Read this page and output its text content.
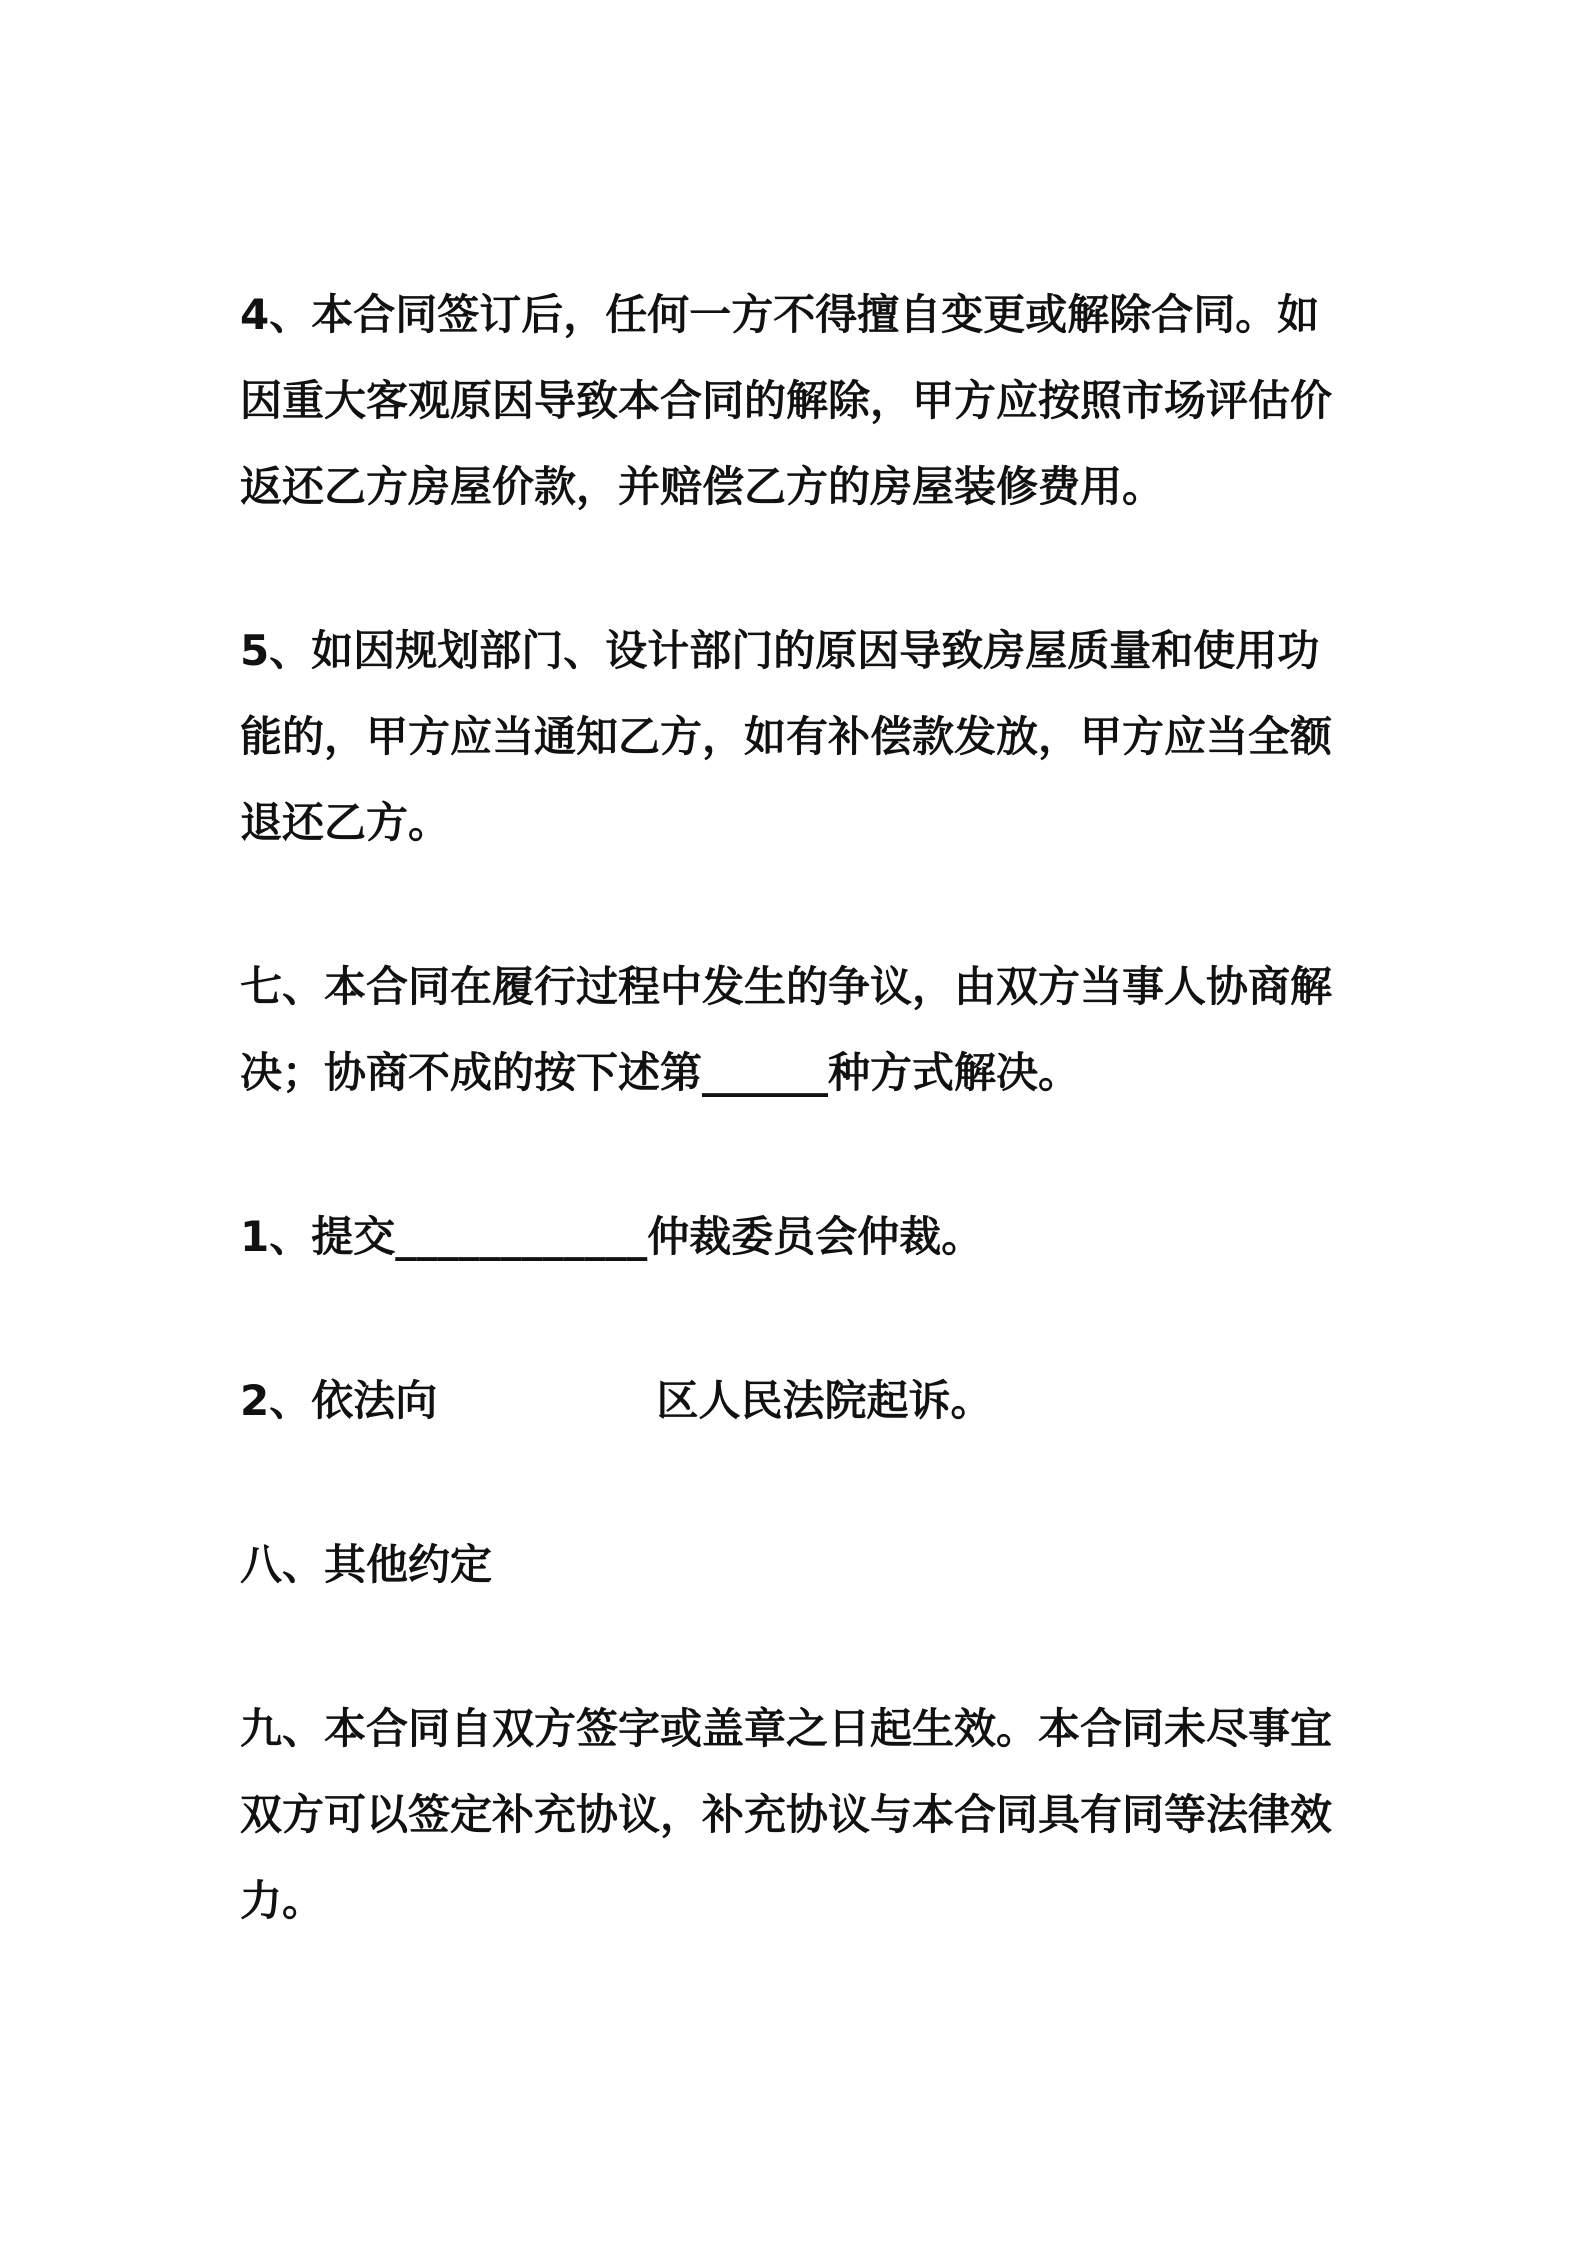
4、本合同签订后，任何一方不得擅自变更或解除合同。如因重大客观原因导致本合同的解除，甲方应按照市场评估价返还乙方房屋价款，并赔偿乙方的房屋装修费用。

5、如因规划部门、设计部门的原因导致房屋质量和使用功能的，甲方应当通知乙方，如有补偿款发放，甲方应当全额退还乙方。

七、本合同在履行过程中发生的争议，由双方当事人协商解决；协商不成的按下述第______种方式解决。

1、提交____________仲裁委员会仲裁。

2、依法向               区人民法院起诉。

八、其他约定

九、本合同自双方签字或盖章之日起生效。本合同未尽事宜双方可以签定补充协议，补充协议与本合同具有同等法律效力。
